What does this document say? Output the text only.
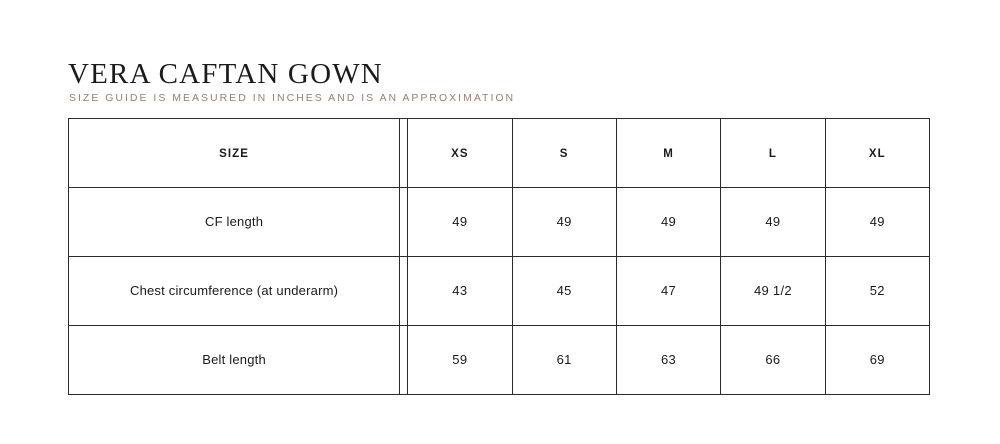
VERA CAFTAN GOWN
SIZE GUIDE IS MEASURED IN INCHES AND IS AN APPROXIMATION
SIZE		XS	S	M	L	XL
CF length		49	49	49	49	49
Chest circumference (at underarm)		43	45	47	49 1/2	52
Belt length		59	61	63	66	69
